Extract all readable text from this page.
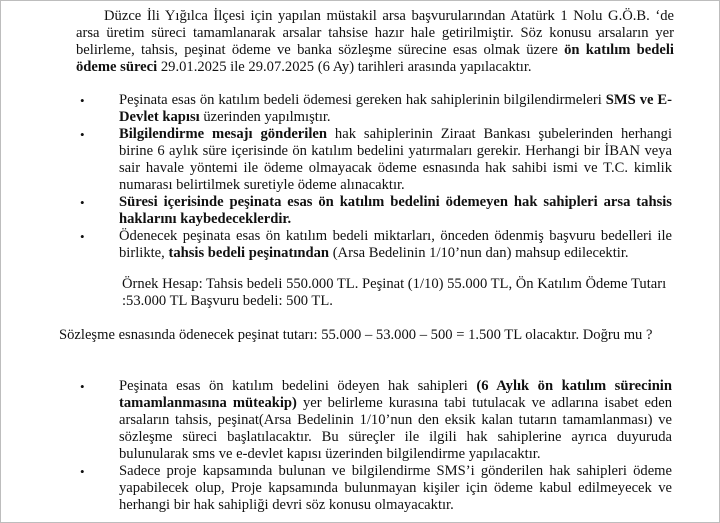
Düzce İli Yığılca İlçesi için yapılan müstakil arsa başvurularından Atatürk 1 Nolu G.Ö.B. ‘de arsa üretim süreci tamamlanarak arsalar tahsise hazır hale getirilmiştir. Söz konusu arsaların yer belirleme, tahsis, peşinat ödeme ve banka sözleşme sürecine esas olmak üzere ön katılım bedeli ödeme süreci 29.01.2025 ile 29.07.2025 (6 Ay) tarihleri arasında yapılacaktır.
• Peşinata esas ön katılım bedeli ödemesi gereken hak sahiplerinin bilgilendirmeleri SMS ve E-Devlet kapısı üzerinden yapılmıştır.
• Bilgilendirme mesajı gönderilen hak sahiplerinin Ziraat Bankası şubelerinden herhangi birine 6 aylık süre içerisinde ön katılım bedelini yatırmaları gerekir. Herhangi bir İBAN veya sair havale yöntemi ile ödeme olmayacak ödeme esnasında hak sahibi ismi ve T.C. kimlik numarası belirtilmek suretiyle ödeme alınacaktır.
• Süresi içerisinde peşinata esas ön katılım bedelini ödemeyen hak sahipleri arsa tahsis haklarını kaybedeceklerdir.
• Ödenecek peşinata esas ön katılım bedeli miktarları, önceden ödenmiş başvuru bedelleri ile birlikte, tahsis bedeli peşinatından (Arsa Bedelinin 1/10’nun dan) mahsup edilecektir.
Örnek Hesap: Tahsis bedeli 550.000 TL. Peşinat (1/10) 55.000 TL, Ön Katılım Ödeme Tutarı :53.000 TL Başvuru bedeli: 500 TL.
Sözleşme esnasında ödenecek peşinat tutarı: 55.000 – 53.000 – 500 = 1.500 TL olacaktır. Doğru mu ?
• Peşinata esas ön katılım bedelini ödeyen hak sahipleri (6 Aylık ön katılım sürecinin tamamlanmasına müteakip) yer belirleme kurasına tabi tutulacak ve adlarına isabet eden arsaların tahsis, peşinat(Arsa Bedelinin 1/10’nun den eksik kalan tutarın tamamlanması) ve sözleşme süreci başlatılacaktır. Bu süreçler ile ilgili hak sahiplerine ayrıca duyuruda bulunularak sms ve e-devlet kapısı üzerinden bilgilendirme yapılacaktır.
• Sadece proje kapsamında bulunan ve bilgilendirme SMS’i gönderilen hak sahipleri ödeme yapabilecek olup, Proje kapsamında bulunmayan kişiler için ödeme kabul edilmeyecek ve herhangi bir hak sahipliği devri söz konusu olmayacaktır.
